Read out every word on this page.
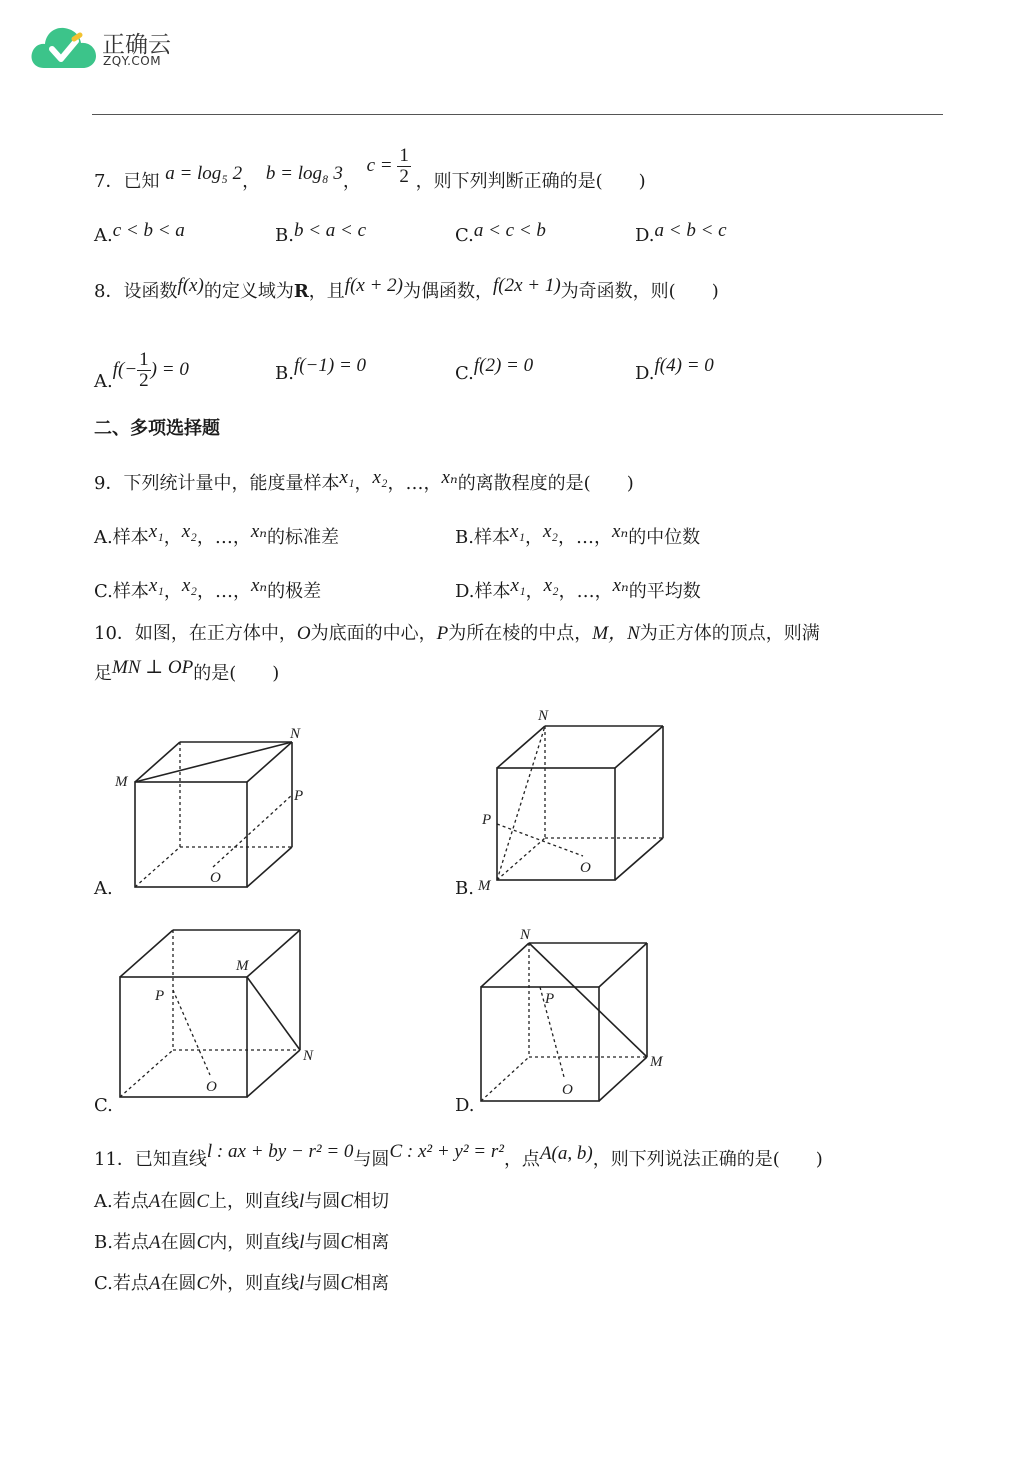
正确云
ZQY.COM
7．已知 a = log₅ 2， b = log₈ 3， $c = \frac{1}{2}$ ，则下列判断正确的是(　　)
A.c < b < a	B.b < a < c	C.a < c < b	D.a < b < c
8．设函数f(x)的定义域为R，且f(x + 2)为偶函数，f(2x + 1)为奇函数，则(　　)
$A.f(- \frac{1}{2}$ ) = 0	B.f(−1) = 0	C.f(2) = 0	D.f(4) = 0
二、多项选择题
9．下列统计量中，能度量样本x₁，x₂，…，xₙ的离散程度的是(　　)
A.样本x₁，x₂，…，xₙ的标准差	B.样本x₁，x₂，…，xₙ的中位数
C.样本x₁，x₂，…，xₙ的极差	D.样本x₁，x₂，…，xₙ的平均数
10．如图，在正方体中，O为底面的中心，P为所在棱的中点，M，N为正方体的顶点，则满
足MN ⊥ OP的是(　　)
A.
M
N
P
O	B.
N
P
O
M
C.
M
P
N
O
D.
N
P
M
O
11．已知直线l : ax + by − r² = 0与圆C : x² + y² = r²，点A(a, b)，则下列说法正确的是(　　)
A.若点A在圆C上，则直线l与圆C相切
B.若点A在圆C内，则直线l与圆C相离
C.若点A在圆C外，则直线l与圆C相离
